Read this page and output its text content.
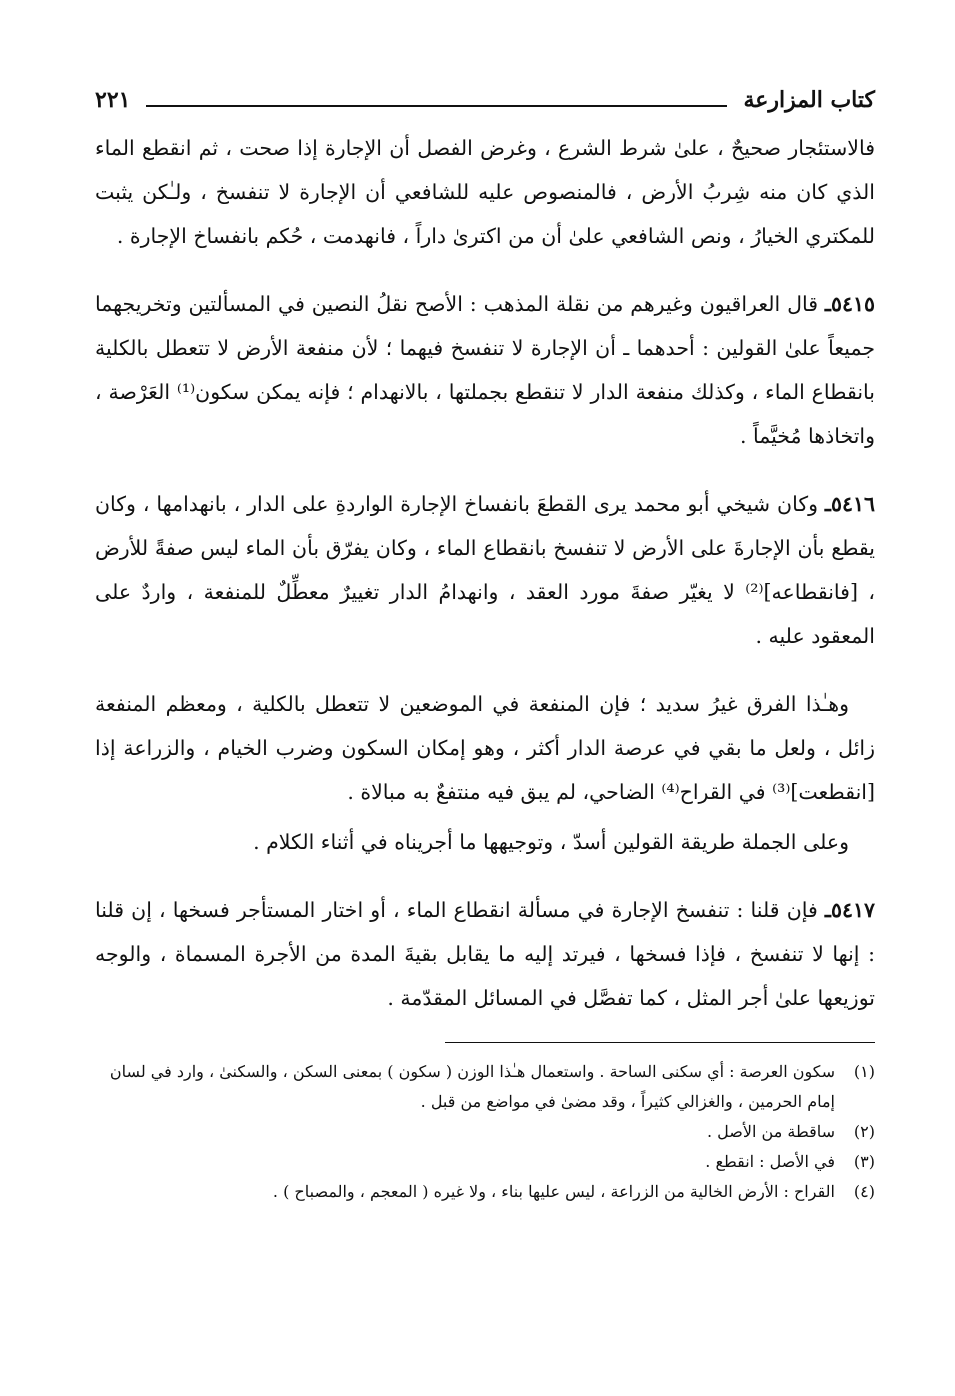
كتاب المزارعة
٢٢١

فالاستئجار صحيحٌ ، علىٰ شرط الشرع ، وغرض الفصل أن الإجارة إذا صحت ، ثم انقطع الماء الذي كان منه شِربُ الأرض ، فالمنصوص عليه للشافعي أن الإجارة لا تنفسخ ، ولـٰكن يثبت للمكتري الخيارُ ، ونص الشافعي علىٰ أن من اكترىٰ داراً ، فانهدمت ، حُكم بانفساخ الإجارة .

٥٤١٥ـ قال العراقيون وغيرهم من نقلة المذهب : الأصح نقلُ النصين في المسألتين وتخريجهما جميعاً علىٰ القولين : أحدهما ـ أن الإجارة لا تنفسخ فيهما ؛ لأن منفعة الأرض لا تتعطل بالكلية بانقطاع الماء ، وكذلك منفعة الدار لا تنقطع بجملتها ، بالانهدام ؛ فإنه يمكن سكون⁽¹⁾ العَرْصة ، واتخاذها مُخيَّماً .

٥٤١٦ـ وكان شيخي أبو محمد يرى القطعَ بانفساخ الإجارة الواردةِ على الدار ، بانهدامها ، وكان يقطع بأن الإجارةَ على الأرض لا تنفسخ بانقطاع الماء ، وكان يفرّق بأن الماء ليس صفةً للأرض ، [فانقطاعه]⁽²⁾ لا يغيّر صفةَ مورد العقد ، وانهدامُ الدار تغييرٌ معطِّلٌ للمنفعة ، واردٌ على المعقود عليه .

وهـٰذا الفرق غيرُ سديد ؛ فإن المنفعة في الموضعين لا تتعطل بالكلية ، ومعظم المنفعة زائل ، ولعل ما بقي في عرصة الدار أكثر ، وهو إمكان السكون وضرب الخيام ، والزراعة إذا [انقطعت]⁽³⁾ في القراح⁽⁴⁾ الضاحي، لم يبق فيه منتفعٌ به مبالاة .

وعلى الجملة طريقة القولين أسدّ ، وتوجيهها ما أجريناه في أثناء الكلام .

٥٤١٧ـ فإن قلنا : تنفسخ الإجارة في مسألة انقطاع الماء ، أو اختار المستأجر فسخها ، إن قلنا : إنها لا تنفسخ ، فإذا فسخها ، فيرتد إليه ما يقابل بقيةَ المدة من الأجرة المسماة ، والوجه توزيعها علىٰ أجر المثل ، كما تفصَّل في المسائل المقدّمة .

(١)
سكون العرصة : أي سكنى الساحة . واستعمال هـٰذا الوزن ( سكون ) بمعنى السكن ، والسكنىٰ ، وارد في لسان إمام الحرمين ، والغزالي كثيراً ، وقد مضىٰ في مواضع من قبل .
(٢)
ساقطة من الأصل .
(٣)
في الأصل : انقطع .
(٤)
القراح : الأرض الخالية من الزراعة ، ليس عليها بناء ، ولا غيره ( المعجم ، والمصباح ) .
